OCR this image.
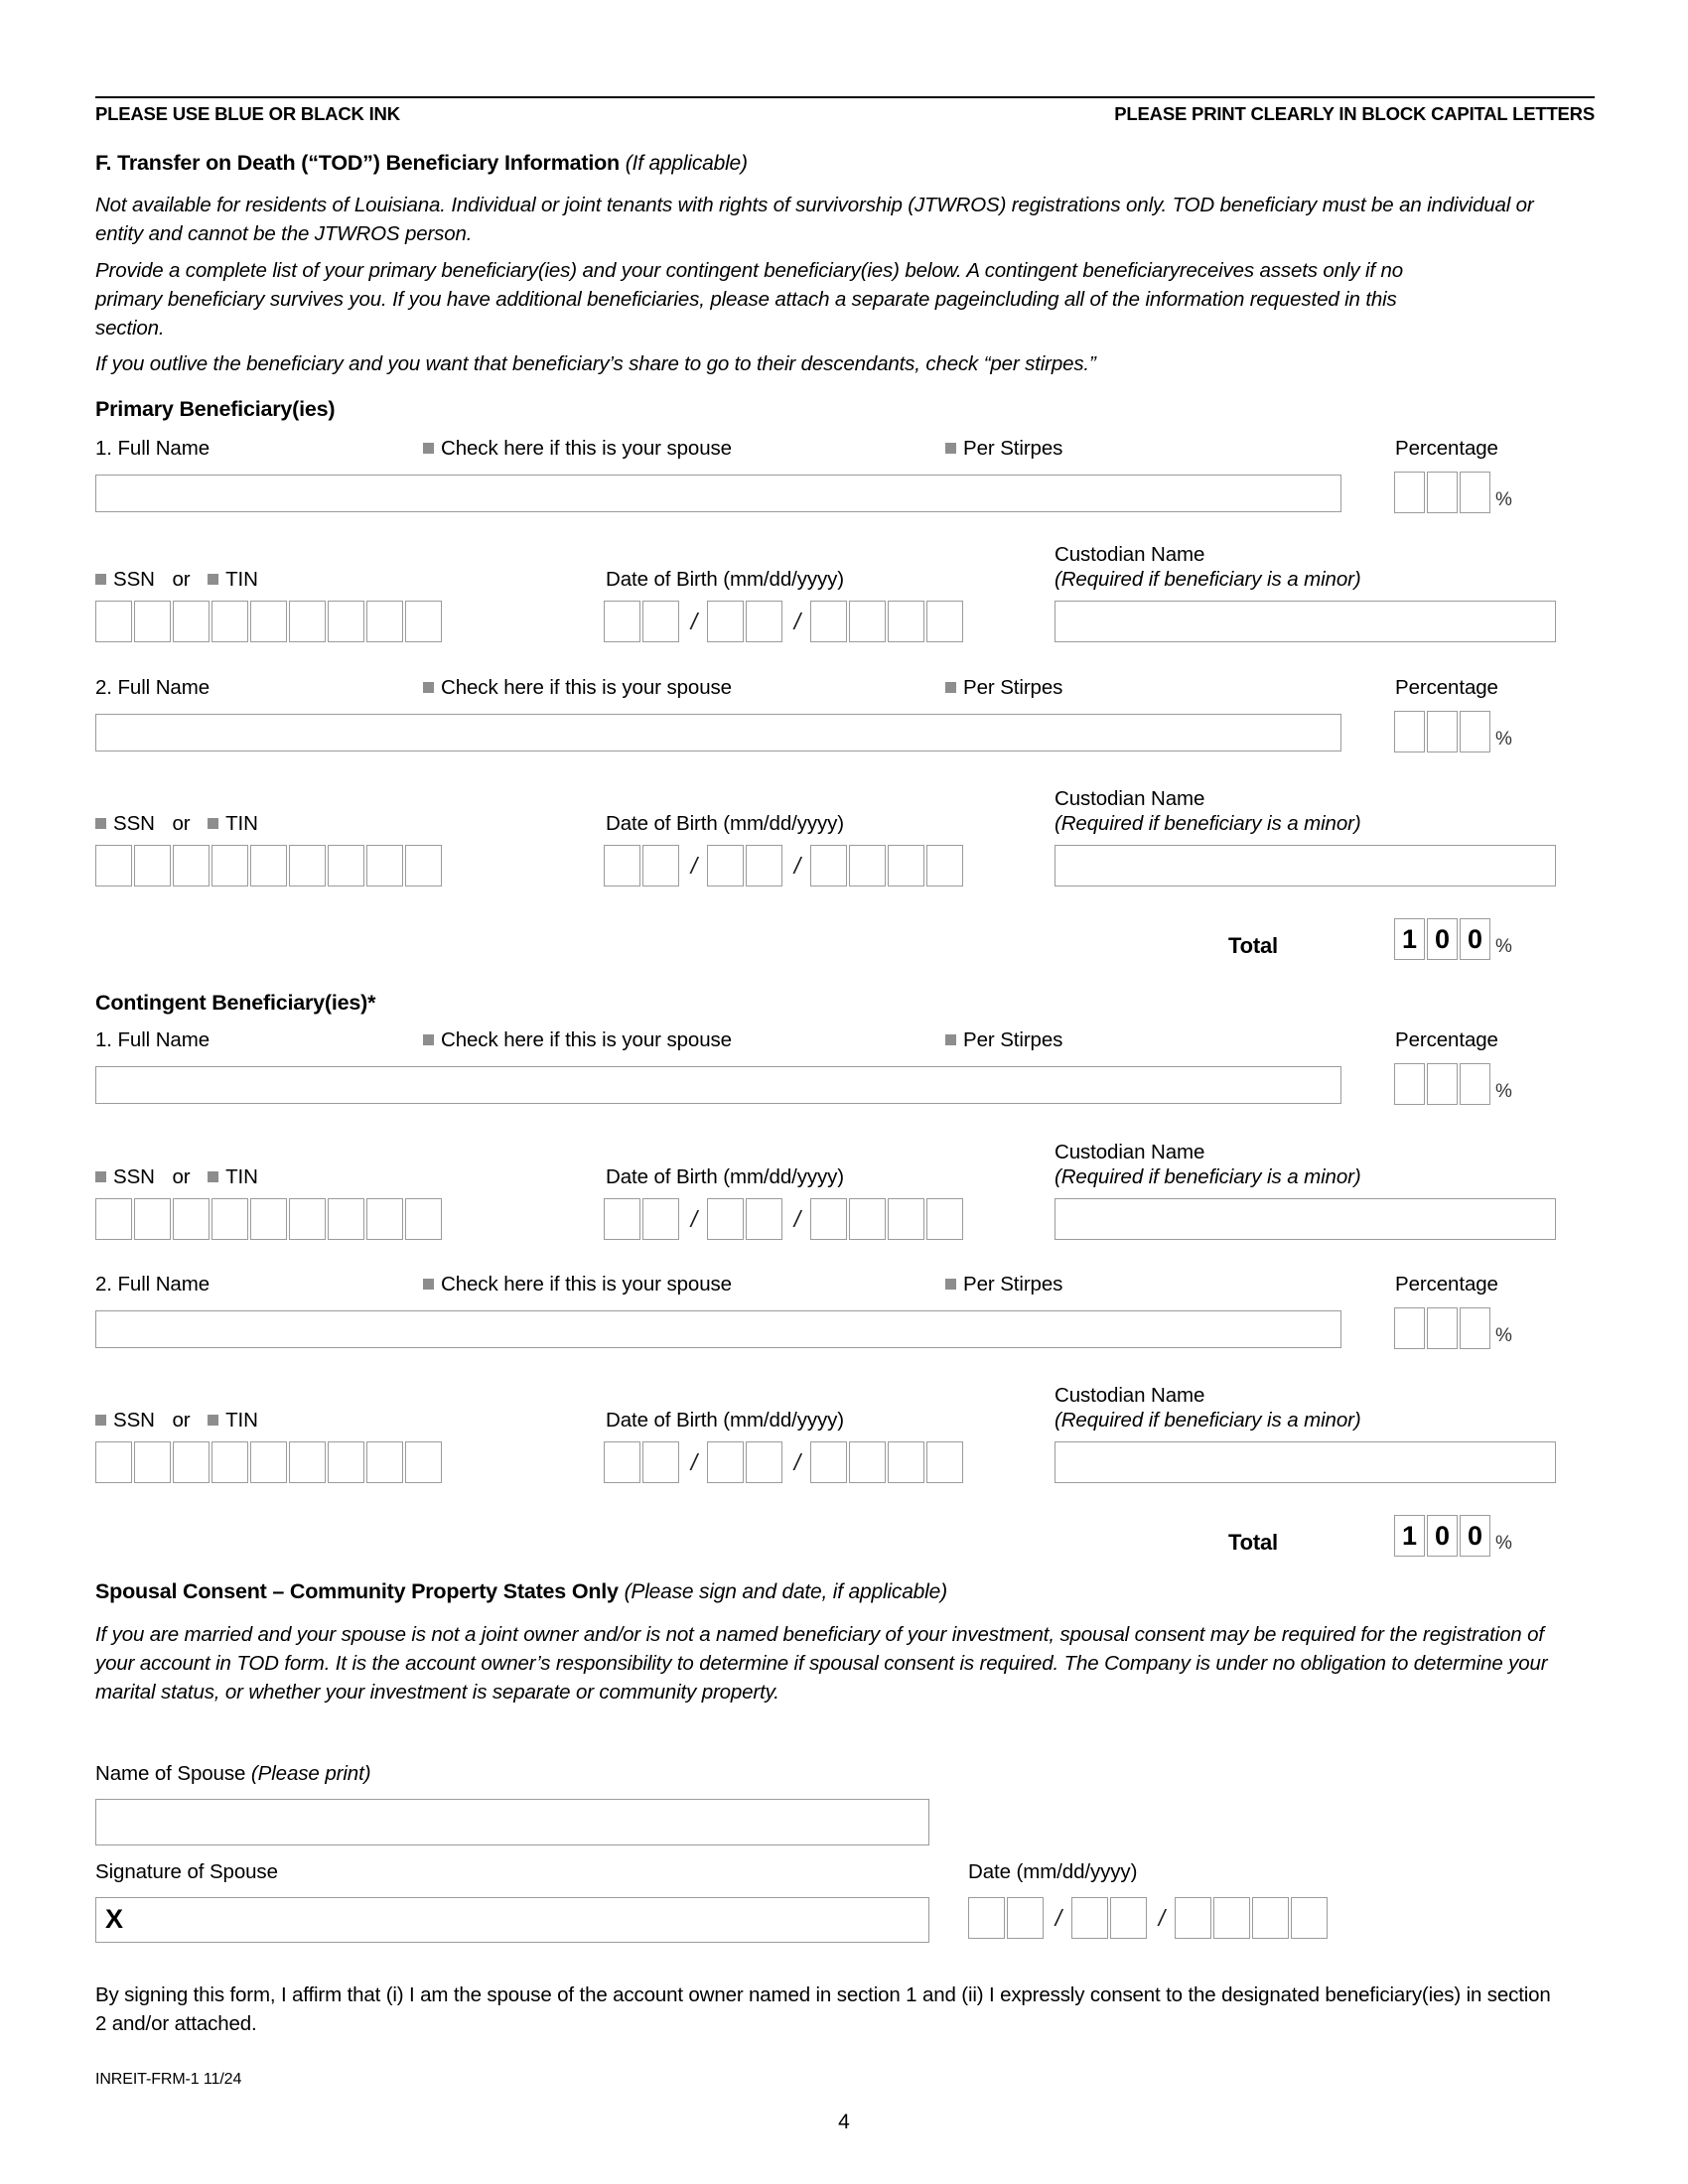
PLEASE USE BLUE OR BLACK INK	PLEASE PRINT CLEARLY IN BLOCK CAPITAL LETTERS
F. Transfer on Death (“TOD”) Beneficiary Information (If applicable)
Not available for residents of Louisiana. Individual or joint tenants with rights of survivorship (JTWROS) registrations only. TOD beneficiary must be an individual or entity and cannot be the JTWROS person.
Provide a complete list of your primary beneficiary(ies) and your contingent beneficiary(ies) below. A contingent beneficiaryreceives assets only if no primary beneficiary survives you. If you have additional beneficiaries, please attach a separate pageincluding all of the information requested in this section.
If you outlive the beneficiary and you want that beneficiary’s share to go to their descendants, check “per stirpes.”
Primary Beneficiary(ies)
1. Full Name	Check here if this is your spouse	Per Stirpes	Percentage
%
SSN or TIN	Date of Birth (mm/dd/yyyy)
Custodian Name
(Required if beneficiary is a minor)
/	/
2. Full Name	Check here if this is your spouse	Per Stirpes	Percentage
%
SSN or TIN	Date of Birth (mm/dd/yyyy)
Custodian Name
(Required if beneficiary is a minor)
/	/
Total	1 0 0 %
Contingent Beneficiary(ies)*
1. Full Name	Check here if this is your spouse	Per Stirpes	Percentage
%
SSN or TIN	Date of Birth (mm/dd/yyyy)
Custodian Name
(Required if beneficiary is a minor)
/	/
2. Full Name	Check here if this is your spouse	Per Stirpes	Percentage
%
SSN or TIN	Date of Birth (mm/dd/yyyy)
Custodian Name
(Required if beneficiary is a minor)
/	/
Total	1 0 0 %
Spousal Consent – Community Property States Only (Please sign and date, if applicable)
If you are married and your spouse is not a joint owner and/or is not a named beneficiary of your investment, spousal consent may be required for the registration of your account in TOD form. It is the account owner’s responsibility to determine if spousal consent is required. The Company is under no obligation to determine your marital status, or whether your investment is separate or community property.
Name of Spouse (Please print)
Signature of Spouse	Date (mm/dd/yyyy)
X	/	/
By signing this form, I affirm that (i) I am the spouse of the account owner named in section 1 and (ii) I expressly consent to the designated beneficiary(ies) in section 2 and/or attached.
INREIT-FRM-1 11/24
4
